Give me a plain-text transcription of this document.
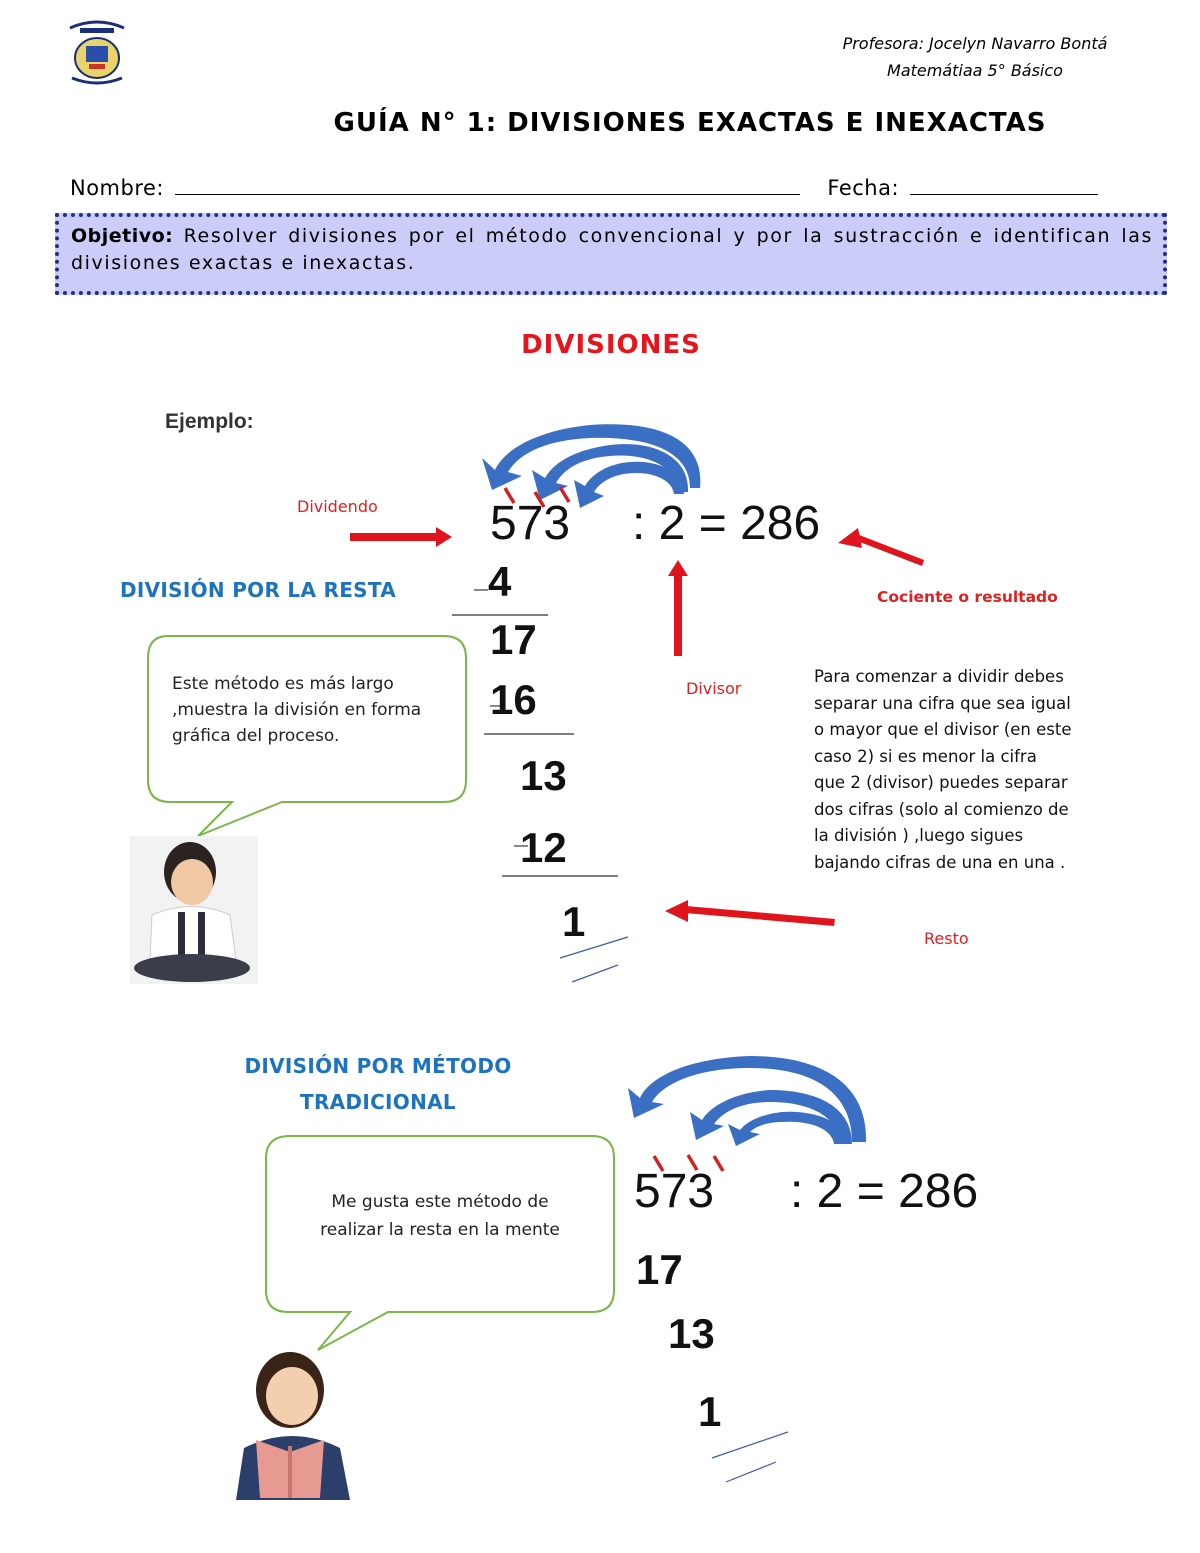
Profesora: Jocelyn Navarro Bontá
Matemátiaa 5° Básico
GUÍA N° 1: DIVISIONES EXACTAS E INEXACTAS
Nombre:	Fecha:
Objetivo: Resolver divisiones por el método convencional y por la sustracción e identifican las divisiones exactas e inexactas.
DIVISIONES
Ejemplo:
Dividendo 573 : 2 = 286
Cociente o resultado
DIVISIÓN POR LA RESTA 4
17
16
13
12
1
Divisor
Resto
Este método es más largo
,muestra la división en forma
gráfica del proceso.
Para comenzar a dividir debes
separar una cifra que sea igual
o mayor que el divisor (en este
caso 2) si es menor la cifra
que 2 (divisor) puedes separar
dos cifras (solo al comienzo de
la división ) ,luego sigues
bajando cifras de una en una .
DIVISIÓN POR MÉTODO
TRADICIONAL
573 : 2 = 286
17
13
1
Me gusta este método de
realizar la resta en la mente
